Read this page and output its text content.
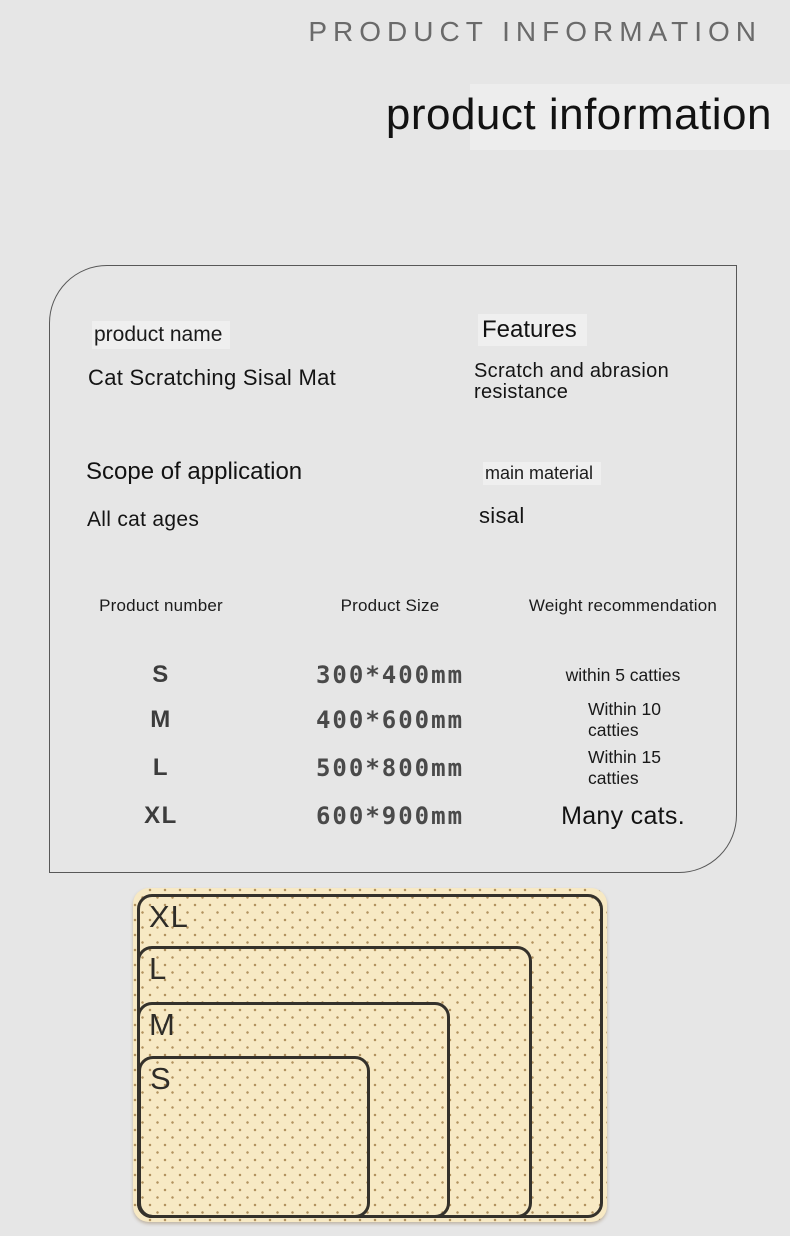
PRODUCT INFORMATION
product information
product name
Cat Scratching Sisal Mat
Features
Scratch and abrasion resistance
Scope of application
All cat ages
main material
sisal
Product number	Product Size	Weight recommendation
S	300*400mm	within 5 catties
M	400*600mm	Within 10
catties
L	500*800mm	Within 15
catties
XL	600*900mm	Many cats.
XL
L
M
S
